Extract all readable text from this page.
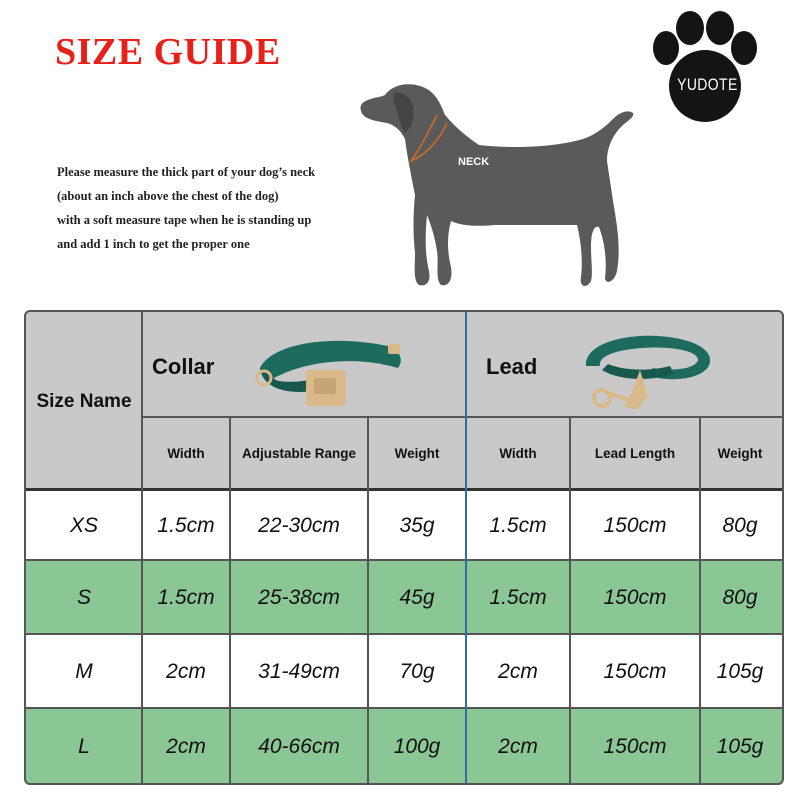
SIZE GUIDE
Please measure the thick part of your dog’s neck
(about an inch above the chest of the dog)
with a soft measure tape when he is standing up
and add 1 inch to get the proper one
NECK
YUDOTE
Size Name
Collar	Lead
Width	Adjustable Range	Weight	Width	Lead Length	Weight
XS	1.5cm	22-30cm	35g	1.5cm	150cm	80g
S	1.5cm	25-38cm	45g	1.5cm	150cm	80g
M	2cm	31-49cm	70g	2cm	150cm	105g
L	2cm	40-66cm	100g	2cm	150cm	105g
